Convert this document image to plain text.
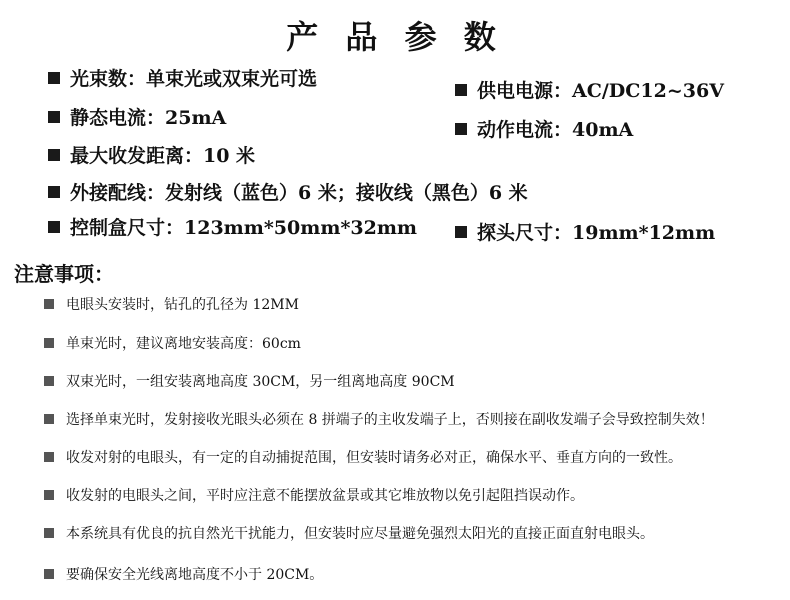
产 品 参 数
光束数：单束光或双束光可选
供电电源：AC/DC12~36V
静态电流：25mA
动作电流：40mA
最大收发距离：10 米
外接配线：发射线（蓝色）6 米；接收线（黑色）6 米
控制盒尺寸：123mm*50mm*32mm	探头尺寸：19mm*12mm
注意事项：
电眼头安装时，钻孔的孔径为 12MM
单束光时，建议离地安装高度：60cm
双束光时，一组安装离地高度 30CM，另一组离地高度 90CM
选择单束光时，发射接收光眼头必须在 8 拼端子的主收发端子上，否则接在副收发端子会导致控制失效！
收发对射的电眼头，有一定的自动捕捉范围，但安装时请务必对正，确保水平、垂直方向的一致性。
收发射的电眼头之间，平时应注意不能摆放盆景或其它堆放物以免引起阻挡误动作。
本系统具有优良的抗自然光干扰能力，但安装时应尽量避免强烈太阳光的直接正面直射电眼头。
要确保安全光线离地高度不小于 20CM。
